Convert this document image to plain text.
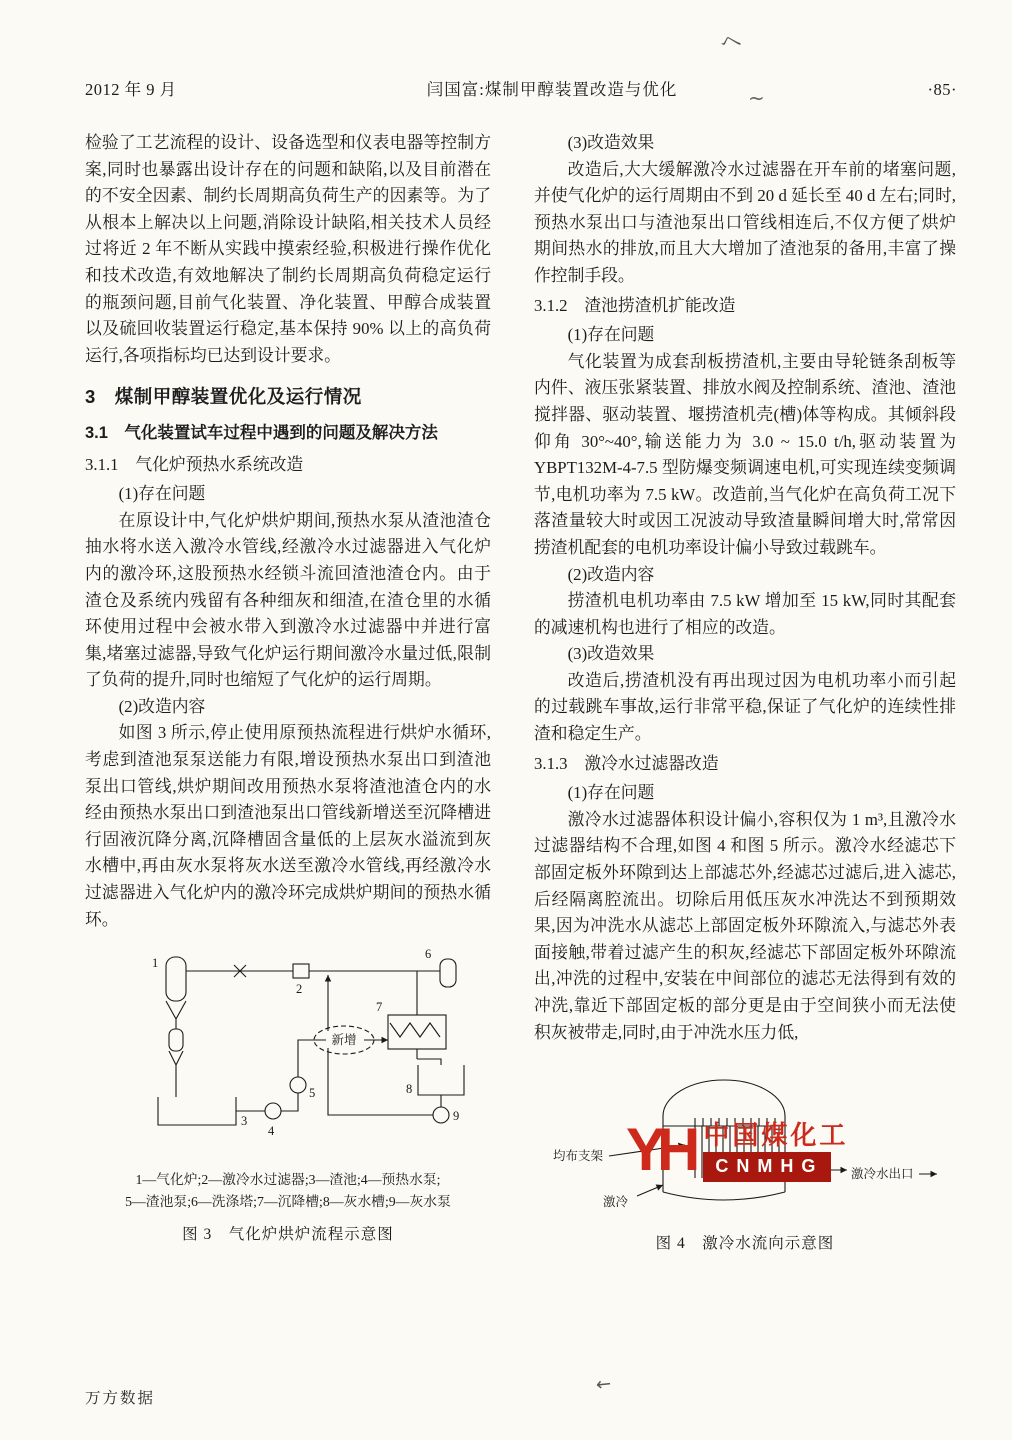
2012 年 9 月	闫国富:煤制甲醇装置改造与优化	·85·
ヘ
~
←

检验了工艺流程的设计、设备选型和仪表电器等控制方案,同时也暴露出设计存在的问题和缺陷,以及目前潜在的不安全因素、制约长周期高负荷生产的因素等。为了从根本上解决以上问题,消除设计缺陷,相关技术人员经过将近 2 年不断从实践中摸索经验,积极进行操作优化和技术改造,有效地解决了制约长周期高负荷稳定运行的瓶颈问题,目前气化装置、净化装置、甲醇合成装置以及硫回收装置运行稳定,基本保持 90% 以上的高负荷运行,各项指标均已达到设计要求。

3　煤制甲醇装置优化及运行情况

3.1　气化装置试车过程中遇到的问题及解决方法

3.1.1　气化炉预热水系统改造

(1)存在问题

在原设计中,气化炉烘炉期间,预热水泵从渣池渣仓抽水将水送入激冷水管线,经激冷水过滤器进入气化炉内的激冷环,这股预热水经锁斗流回渣池渣仓内。由于渣仓及系统内残留有各种细灰和细渣,在渣仓里的水循环使用过程中会被水带入到激冷水过滤器中并进行富集,堵塞过滤器,导致气化炉运行期间激冷水量过低,限制了负荷的提升,同时也缩短了气化炉的运行周期。

(2)改造内容

如图 3 所示,停止使用原预热流程进行烘炉水循环,考虑到渣池泵泵送能力有限,增设预热水泵出口到渣池泵出口管线,烘炉期间改用预热水泵将渣池渣仓内的水经由预热水泵出口到渣池泵出口管线新增送至沉降槽进行固液沉降分离,沉降槽固含量低的上层灰水溢流到灰水槽中,再由灰水泵将灰水送至激冷水管线,再经激冷水过滤器进入气化炉内的激冷环完成烘炉期间的预热水循环。

新增
1
2
3
4
5
6
7
8
9
1—气化炉;2—激冷水过滤器;3—渣池;4—预热水泵;
5—渣池泵;6—洗涤塔;7—沉降槽;8—灰水槽;9—灰水泵
图 3　气化炉烘炉流程示意图

(3)改造效果

改造后,大大缓解激冷水过滤器在开车前的堵塞问题,并使气化炉的运行周期由不到 20 d 延长至 40 d 左右;同时,预热水泵出口与渣池泵出口管线相连后,不仅方便了烘炉期间热水的排放,而且大大增加了渣池泵的备用,丰富了操作控制手段。

3.1.2　渣池捞渣机扩能改造

(1)存在问题

气化装置为成套刮板捞渣机,主要由导轮链条刮板等内件、液压张紧装置、排放水阀及控制系统、渣池、渣池搅拌器、驱动装置、堰捞渣机壳(槽)体等构成。其倾斜段仰角 30°~40°,输送能力为 3.0 ~ 15.0 t/h,驱动装置为 YBPT132M-4-7.5 型防爆变频调速电机,可实现连续变频调节,电机功率为 7.5 kW。改造前,当气化炉在高负荷工况下落渣量较大时或因工况波动导致渣量瞬间增大时,常常因捞渣机配套的电机功率设计偏小导致过载跳车。

(2)改造内容

捞渣机电机功率由 7.5 kW 增加至 15 kW,同时其配套的减速机构也进行了相应的改造。

(3)改造效果

改造后,捞渣机没有再出现过因为电机功率小而引起的过载跳车事故,运行非常平稳,保证了气化炉的连续性排渣和稳定生产。

3.1.3　激冷水过滤器改造

(1)存在问题

激冷水过滤器体积设计偏小,容积仅为 1 m³,且激冷水过滤器结构不合理,如图 4 和图 5 所示。激冷水经滤芯下部固定板外环隙到达上部滤芯外,经滤芯过滤后,进入滤芯,后经隔离腔流出。切除后用低压灰水冲洗达不到预期效果,因为冲洗水从滤芯上部固定板外环隙流入,与滤芯外表面接触,带着过滤产生的积灰,经滤芯下部固定板外环隙流出,冲洗的过程中,安装在中间部位的滤芯无法得到有效的冲洗,靠近下部固定板的部分更是由于空间狭小而无法使积灰被带走,同时,由于冲洗水压力低,

均布支架
激冷
激冷水出口
YH 中国煤化工
CNMHG
图 4　激冷水流向示意图
万方数据
